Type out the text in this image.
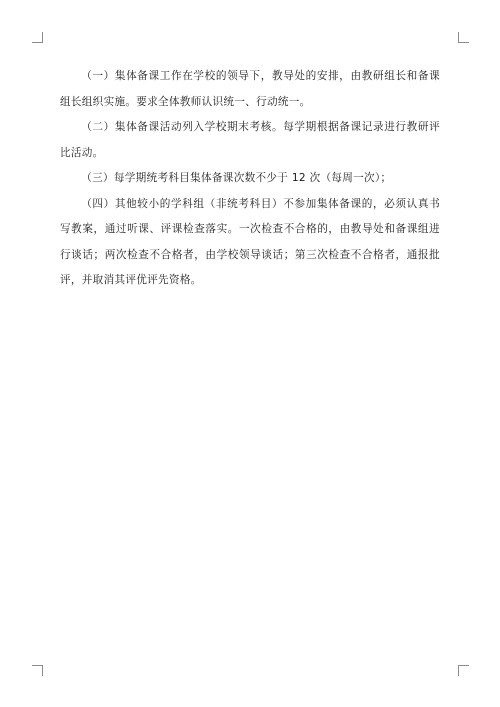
（一）集体备课工作在学校的领导下，教导处的安排，由教研组长和备课组长组织实施。要求全体教师认识统一、行动统一。

（二）集体备课活动列入学校期末考核。每学期根据备课记录进行教研评比活动。

（三）每学期统考科目集体备课次数不少于 12 次（每周一次）；

（四）其他较小的学科组（非统考科目）不参加集体备课的，必须认真书写教案，通过听课、评课检查落实。一次检查不合格的，由教导处和备课组进行谈话；两次检查不合格者，由学校领导谈话；第三次检查不合格者，通报批评，并取消其评优评先资格。
